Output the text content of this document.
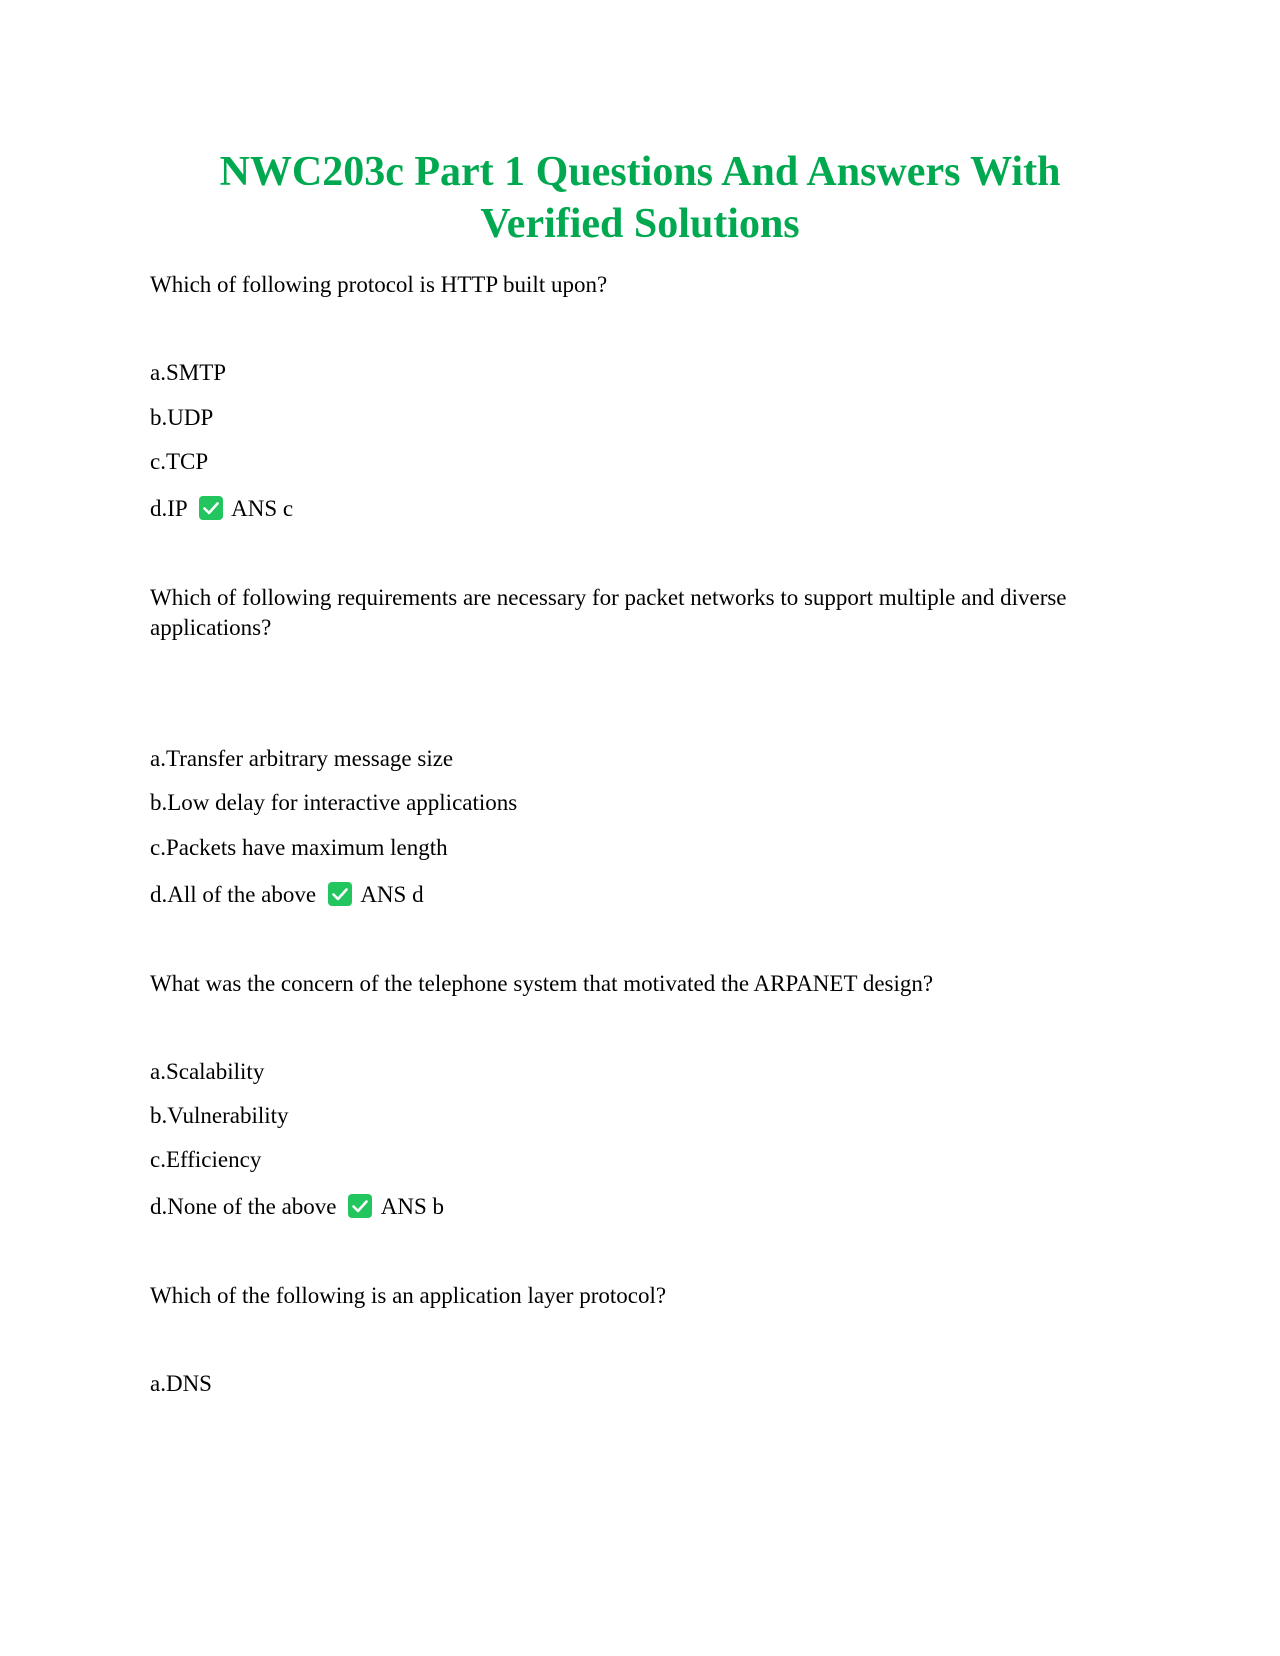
NWC203c Part 1 Questions And Answers With Verified Solutions
Which of following protocol is HTTP built upon?
a.SMTP
b.UDP
c.TCP
d.IP ANS c
Which of following requirements are necessary for packet networks to support multiple and diverse applications?
a.Transfer arbitrary message size
b.Low delay for interactive applications
c.Packets have maximum length
d.All of the above ANS d
What was the concern of the telephone system that motivated the ARPANET design?
a.Scalability
b.Vulnerability
c.Efficiency
d.None of the above ANS b
Which of the following is an application layer protocol?
a.DNS
